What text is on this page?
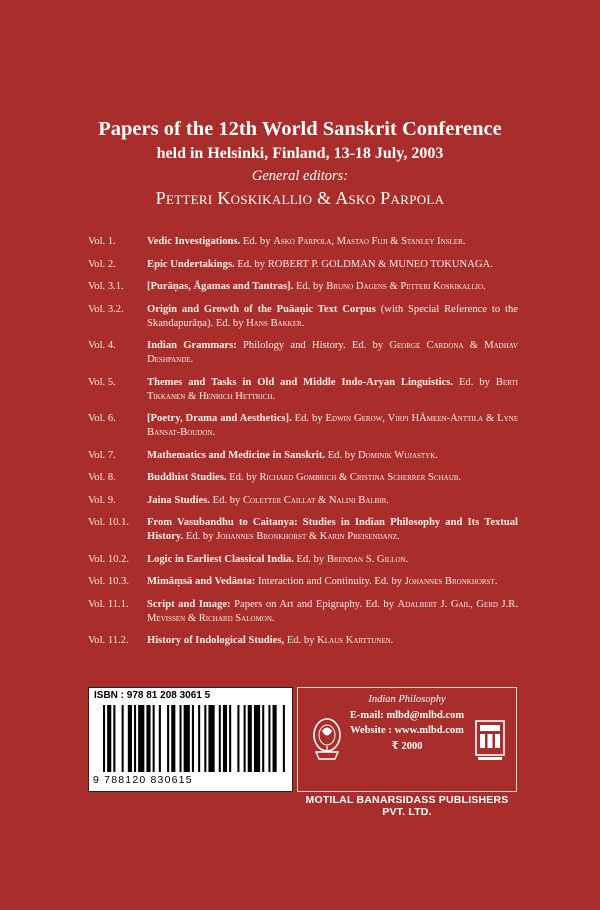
Papers of the 12th World Sanskrit Conference
held in Helsinki, Finland, 13-18 July, 2003
General editors:
Petteri Koskikallio & Asko Parpola
Vol. 1.	Vedic Investigations. Ed. by Asko Parpola, Mastao Fuji & Stanley Insler.
Vol. 2.	Epic Undertakings. Ed. by ROBERT P. GOLDMAN & MUNEO TOKUNAGA.
Vol. 3.1.	[Purāṇas, Āgamas and Tantras]. Ed. by Bruno Dagens & Petteri Koskikallio.
Vol. 3.2.	Origin and Growth of the Puāaṇic Text Corpus (with Special Reference to the Skandapurāṇa). Ed. by Hans Bakker.
Vol. 4.	Indian Grammars: Philology and History. Ed. by George Cardona & Madhav Deshpande.
Vol. 5.	Themes and Tasks in Old and Middle Indo-Aryan Linguistics. Ed. by Berti Tikkanen & Henrich Hettrich.
Vol. 6.	[Poetry, Drama and Aesthetics]. Ed. by Edwin Gerow, Virpi HÄmeen-Anttila & Lyne Bansat-Boudon.
Vol. 7.	Mathematics and Medicine in Sanskrit. Ed. by Dominik Wujastyk.
Vol. 8.	Buddhist Studies. Ed. by Richard Gombrich & Cristina Scherrer Schaub.
Vol. 9.	Jaina Studies. Ed. by Coletter Caillat & Nalini Balbir.
Vol. 10.1.	From Vasubandhu to Caitanya: Studies in Indian Philosophy and Its Textual History. Ed. by Johannes Bronkhorst & Karin Preisendanz.
Vol. 10.2.	Logic in Earliest Classical India. Ed. by Brendan S. Gillon.
Vol. 10.3.	Mimāṃsā and Vedānta: Interaction and Continuity. Ed. by Johannes Bronkhorst.
Vol. 11.1.	Script and Image: Papers on Art and Epigraphy. Ed. by Adalbert J. Gail, Gerd J.R. Mevissen & Richard Salomon.
Vol. 11.2.	History of Indological Studies, Ed. by Klaus Karttunen.
ISBN : 978 81 208 3061 5
9 788120 830615
Indian Philosophy
E-mail: mlbd@mlbd.com
Website : www.mlbd.com
₹ 2000
MOTILAL BANARSIDASS PUBLISHERS PVT. LTD.
